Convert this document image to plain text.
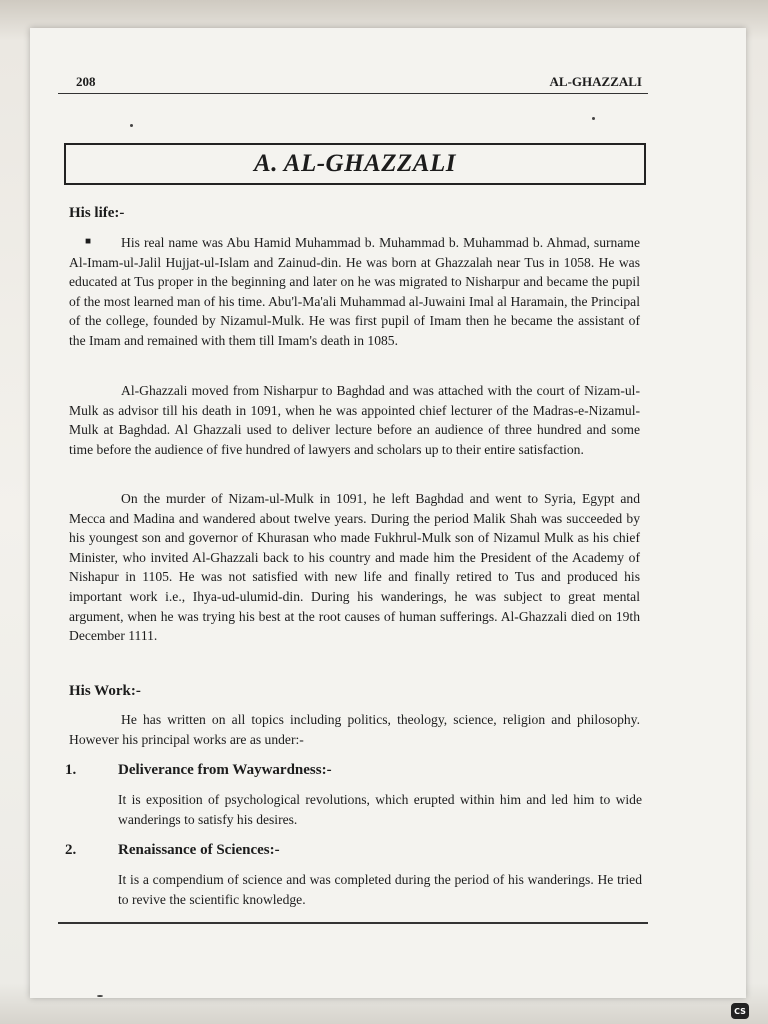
208	AL-GHAZZALI
A. AL-GHAZZALI
His life:-
■	His real name was Abu Hamid Muhammad b. Muhammad b. Muhammad b. Ahmad, surname Al-Imam-ul-Jalil Hujjat-ul-Islam and Zainud-din. He was born at Ghazzalah near Tus in 1058. He was educated at Tus proper in the beginning and later on he was migrated to Nisharpur and became the pupil of the most learned man of his time. Abu'l-Ma'ali Muhammad al-Juwaini Imal al Haramain, the Principal of the college, founded by Nizamul-Mulk. He was first pupil of Imam then he became the assistant of the Imam and remained with them till Imam's death in 1085.

Al-Ghazzali moved from Nisharpur to Baghdad and was attached with the court of Nizam-ul-Mulk as advisor till his death in 1091, when he was appointed chief lecturer of the Madras-e-Nizamul-Mulk at Baghdad. Al Ghazzali used to deliver lecture before an audience of three hundred and some time before the audience of five hundred of lawyers and scholars up to their entire satisfaction.

On the murder of Nizam-ul-Mulk in 1091, he left Baghdad and went to Syria, Egypt and Mecca and Madina and wandered about twelve years. During the period Malik Shah was succeeded by his youngest son and governor of Khurasan who made Fukhrul-Mulk son of Nizamul Mulk as his chief Minister, who invited Al-Ghazzali back to his country and made him the President of the Academy of Nishapur in 1105. He was not satisfied with new life and finally retired to Tus and produced his important work i.e., Ihya-ud-ulumid-din. During his wanderings, he was subject to great mental argument, when he was trying his best at the root causes of human sufferings. Al-Ghazzali died on 19th December 1111.

His Work:-

He has written on all topics including politics, theology, science, religion and philosophy. However his principal works are as under:-

1.	Deliverance from Waywardness:-

It is exposition of psychological revolutions, which erupted within him and led him to wide wanderings to satisfy his desires.

2.	Renaissance of Sciences:-

It is a compendium of science and was completed during the period of his wanderings. He tried to revive the scientific knowledge.

CS
